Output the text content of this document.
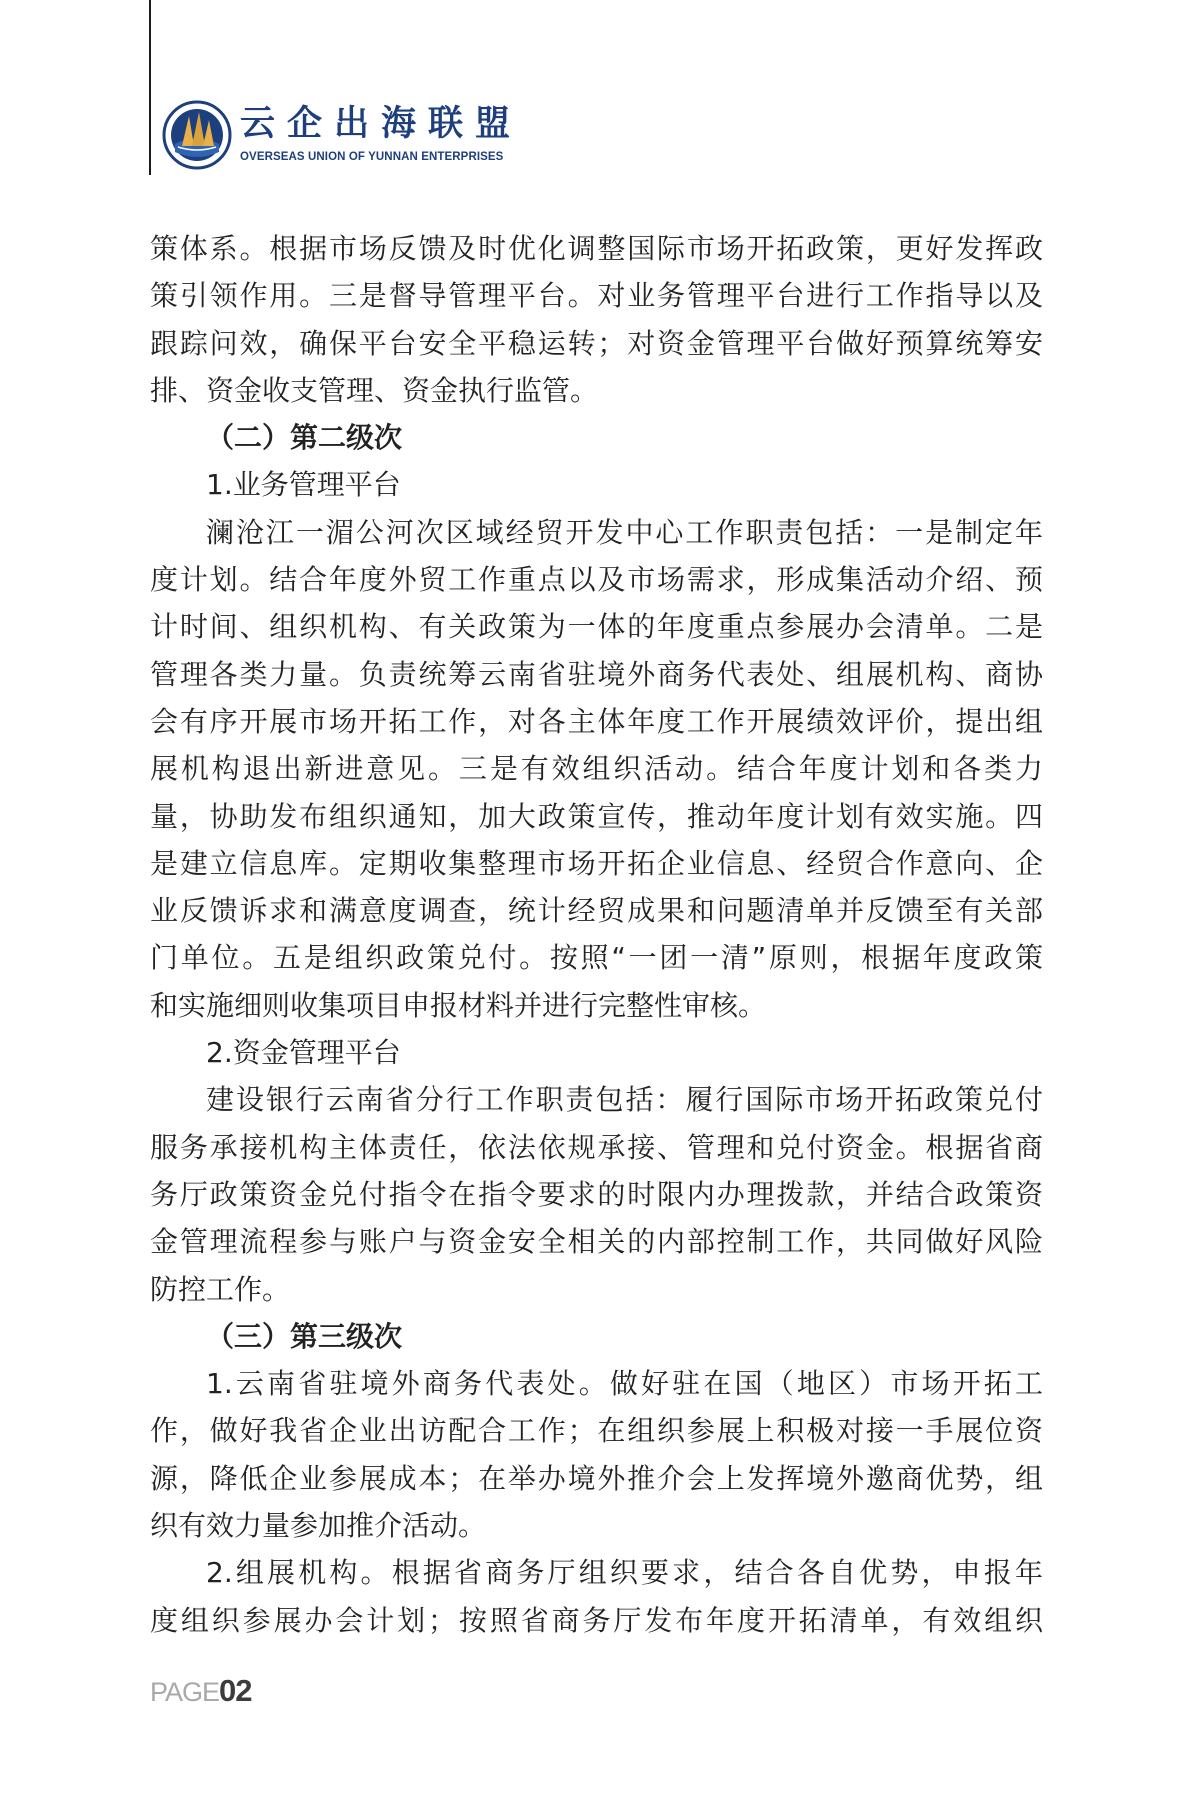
云企出海联盟
OVERSEAS UNION OF YUNNAN ENTERPRISES
策体系。根据市场反馈及时优化调整国际市场开拓政策，更好发挥政
策引领作用。三是督导管理平台。对业务管理平台进行工作指导以及
跟踪问效，确保平台安全平稳运转；对资金管理平台做好预算统筹安
排、资金收支管理、资金执行监管。
（二）第二级次
1.业务管理平台
澜沧江一湄公河次区域经贸开发中心工作职责包括：一是制定年
度计划。结合年度外贸工作重点以及市场需求，形成集活动介绍、预
计时间、组织机构、有关政策为一体的年度重点参展办会清单。二是
管理各类力量。负责统筹云南省驻境外商务代表处、组展机构、商协
会有序开展市场开拓工作，对各主体年度工作开展绩效评价，提出组
展机构退出新进意见。三是有效组织活动。结合年度计划和各类力
量，协助发布组织通知，加大政策宣传，推动年度计划有效实施。四
是建立信息库。定期收集整理市场开拓企业信息、经贸合作意向、企
业反馈诉求和满意度调查，统计经贸成果和问题清单并反馈至有关部
门单位。五是组织政策兑付。按照“一团一清”原则，根据年度政策
和实施细则收集项目申报材料并进行完整性审核。
2.资金管理平台
建设银行云南省分行工作职责包括：履行国际市场开拓政策兑付
服务承接机构主体责任，依法依规承接、管理和兑付资金。根据省商
务厅政策资金兑付指令在指令要求的时限内办理拨款，并结合政策资
金管理流程参与账户与资金安全相关的内部控制工作，共同做好风险
防控工作。
（三）第三级次
1.云南省驻境外商务代表处。做好驻在国（地区）市场开拓工
作，做好我省企业出访配合工作；在组织参展上积极对接一手展位资
源，降低企业参展成本；在举办境外推介会上发挥境外邀商优势，组
织有效力量参加推介活动。
2.组展机构。根据省商务厅组织要求，结合各自优势，申报年
度组织参展办会计划；按照省商务厅发布年度开拓清单，有效组织
PAGE02
